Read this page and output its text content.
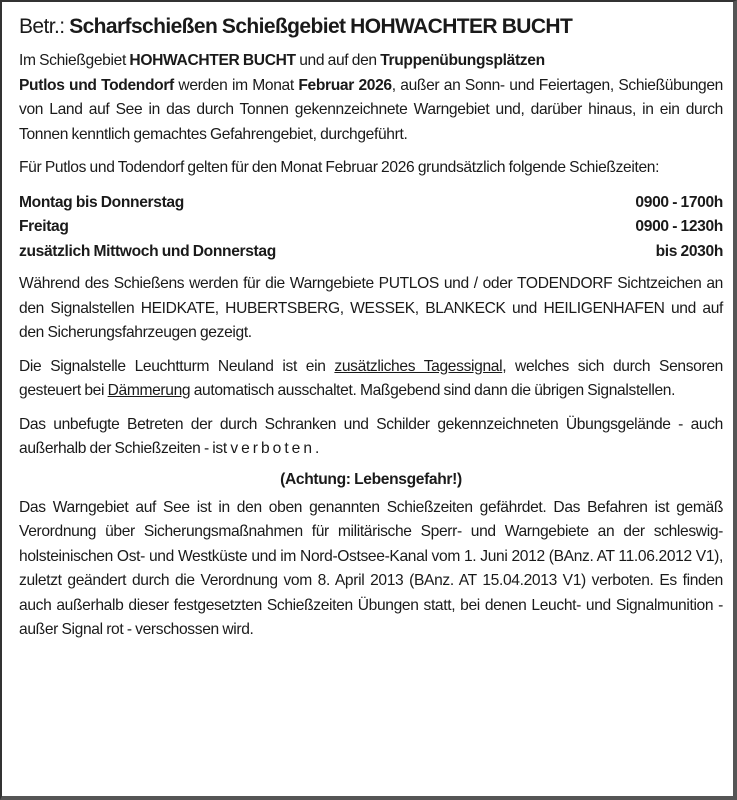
Betr.: Scharfschießen Schießgebiet HOHWACHTER BUCHT

Im Schießgebiet HOHWACHTER BUCHT und auf den Truppenübungsplätzen
Putlos und Todendorf werden im Monat Februar 2026, außer an Sonn- und Feiertagen, Schießübungen von Land auf See in das durch Tonnen gekennzeichnete Warngebiet und, darüber hinaus, in ein durch Tonnen kenntlich gemachtes Gefahrengebiet, durchgeführt.

Für Putlos und Todendorf gelten für den Monat Februar 2026 grundsätzlich folgende Schießzeiten:

Montag bis Donnerstag	0900 - 1700h
Freitag	0900 - 1230h
zusätzlich Mittwoch und Donnerstag	bis 2030h

Während des Schießens werden für die Warngebiete PUTLOS und / oder TODENDORF Sichtzeichen an den Signalstellen HEIDKATE, HUBERTSBERG, WESSEK, BLANKECK und HEILIGENHAFEN und auf den Sicherungsfahrzeugen gezeigt.

Die Signalstelle Leuchtturm Neuland ist ein zusätzliches Tagessignal, welches sich durch Sensoren gesteuert bei Dämmerung automatisch ausschaltet. Maßgebend sind dann die übrigen Signalstellen.

Das unbefugte Betreten der durch Schranken und Schilder gekennzeichneten Übungsgelände - auch außerhalb der Schießzeiten - ist verboten.

(Achtung: Lebensgefahr!)

Das Warngebiet auf See ist in den oben genannten Schießzeiten gefährdet. Das Befahren ist gemäß Verordnung über Sicherungsmaßnahmen für militärische Sperr- und Warngebiete an der schleswig-holsteinischen Ost- und Westküste und im Nord-Ostsee-Kanal vom 1. Juni 2012 (BAnz. AT 11.06.2012 V1), zuletzt geändert durch die Verordnung vom 8. April 2013 (BAnz. AT 15.04.2013 V1) verboten. Es finden auch außerhalb dieser festgesetzten Schießzeiten Übungen statt, bei denen Leucht- und Signalmunition - außer Signal rot - verschossen wird.
